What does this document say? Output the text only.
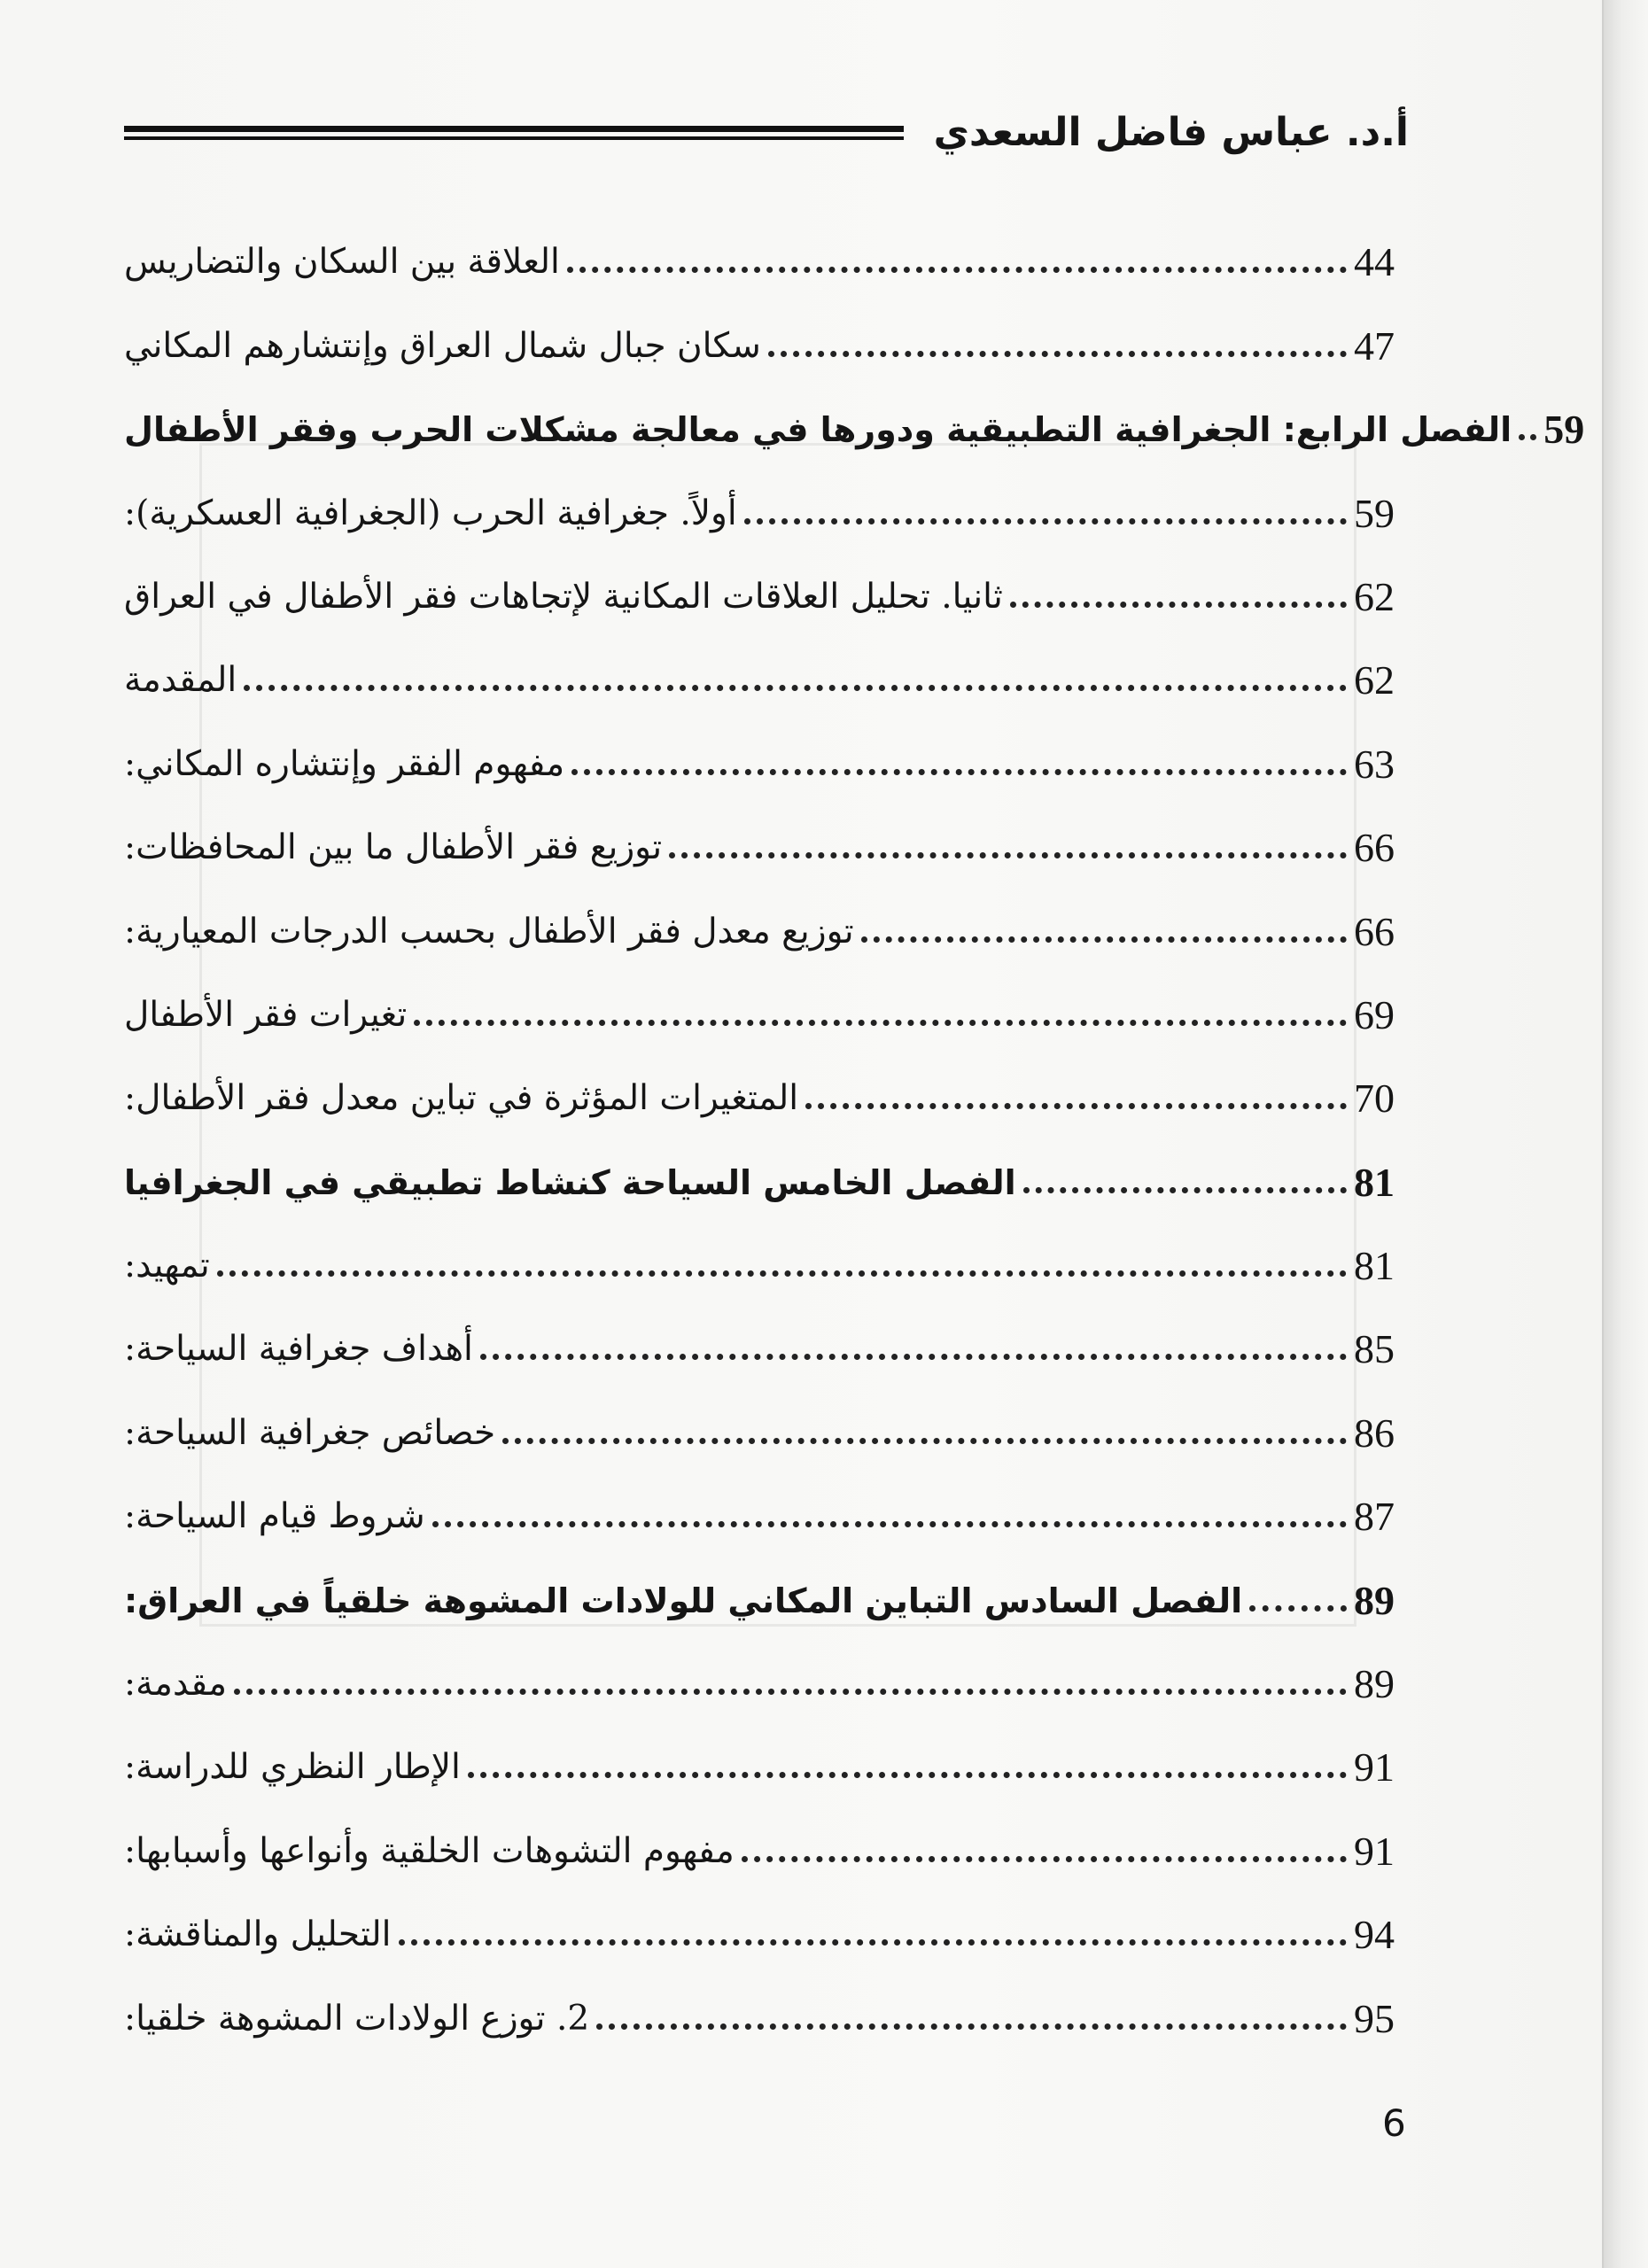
أ.د. عباس فاضل السعدي
العلاقة بين السكان والتضاريس	44
سكان جبال شمال العراق وإنتشارهم المكاني	47
الفصل الرابع: الجغرافية التطبيقية ودورها في معالجة مشكلات الحرب وفقر الأطفال 59
أولاً. جغرافية الحرب (الجغرافية العسكرية):	59
ثانيا. تحليل العلاقات المكانية لإتجاهات فقر الأطفال في العراق	62
المقدمة	62
مفهوم الفقر وإنتشاره المكاني:	63
توزيع فقر الأطفال ما بين المحافظات:	66
توزيع معدل فقر الأطفال بحسب الدرجات المعيارية:	66
تغيرات فقر الأطفال	69
المتغيرات المؤثرة في تباين معدل فقر الأطفال:	70
الفصل الخامس السياحة كنشاط تطبيقي في الجغرافيا	81
تمهيد:	81
أهداف جغرافية السياحة:	85
خصائص جغرافية السياحة:	86
شروط قيام السياحة:	87
الفصل السادس التباين المكاني للولادات المشوهة خلقياً في العراق:	89
مقدمة:	89
الإطار النظري للدراسة:	91
مفهوم التشوهات الخلقية وأنواعها وأسبابها:	91
التحليل والمناقشة:	94
2. توزع الولادات المشوهة خلقيا:	95
6
